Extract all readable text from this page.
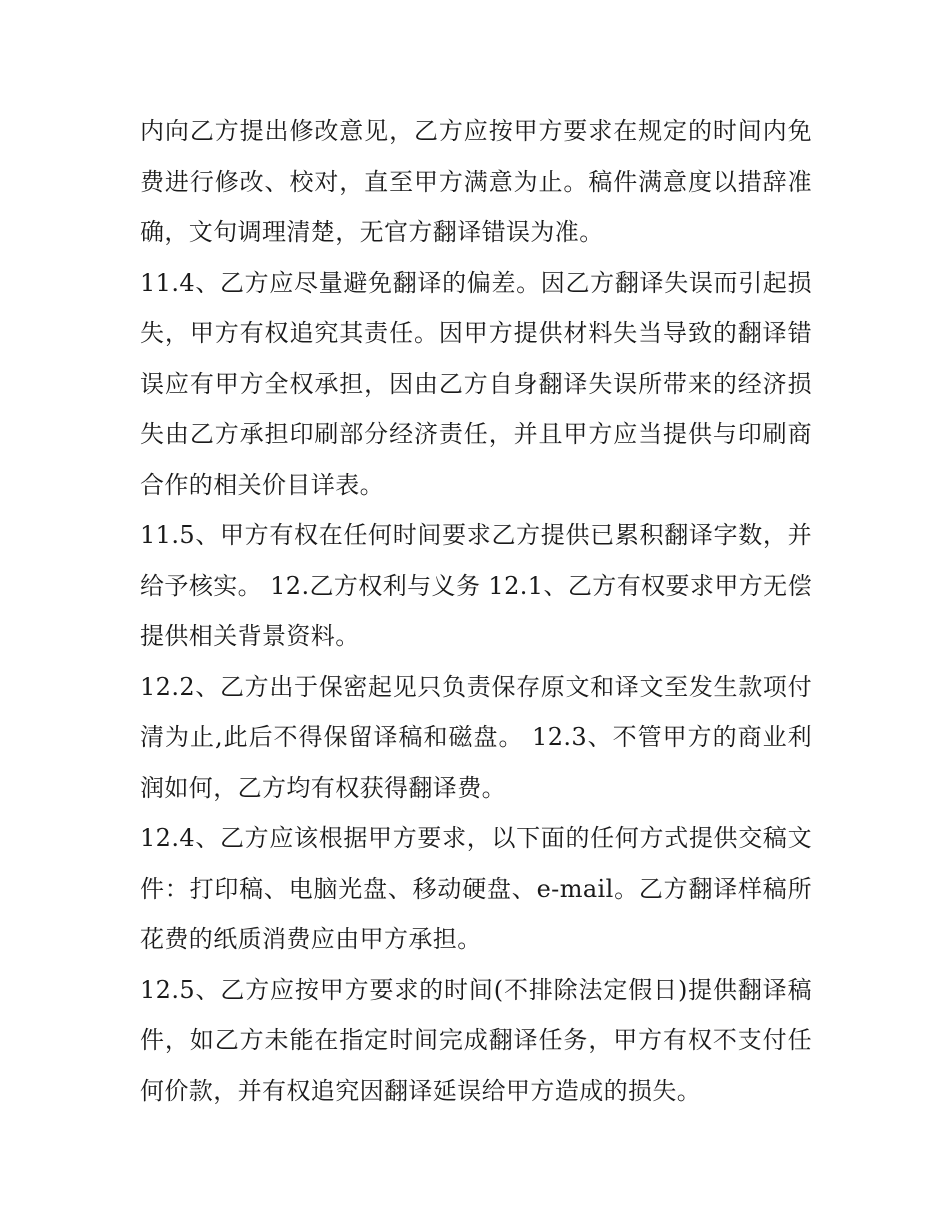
内向乙方提出修改意见，乙方应按甲方要求在规定的时间内免费进行修改、校对，直至甲方满意为止。稿件满意度以措辞准确，文句调理清楚，无官方翻译错误为准。

11.4、乙方应尽量避免翻译的偏差。因乙方翻译失误而引起损失，甲方有权追究其责任。因甲方提供材料失当导致的翻译错误应有甲方全权承担，因由乙方自身翻译失误所带来的经济损失由乙方承担印刷部分经济责任，并且甲方应当提供与印刷商合作的相关价目详表。

11.5、甲方有权在任何时间要求乙方提供已累积翻译字数，并给予核实。 12.乙方权利与义务 12.1、乙方有权要求甲方无偿提供相关背景资料。

12.2、乙方出于保密起见只负责保存原文和译文至发生款项付清为止,此后不得保留译稿和磁盘。 12.3、不管甲方的商业利润如何，乙方均有权获得翻译费。

12.4、乙方应该根据甲方要求，以下面的任何方式提供交稿文件：打印稿、电脑光盘、移动硬盘、e-mail。乙方翻译样稿所花费的纸质消费应由甲方承担。

12.5、乙方应按甲方要求的时间(不排除法定假日)提供翻译稿件，如乙方未能在指定时间完成翻译任务，甲方有权不支付任何价款，并有权追究因翻译延误给甲方造成的损失。
